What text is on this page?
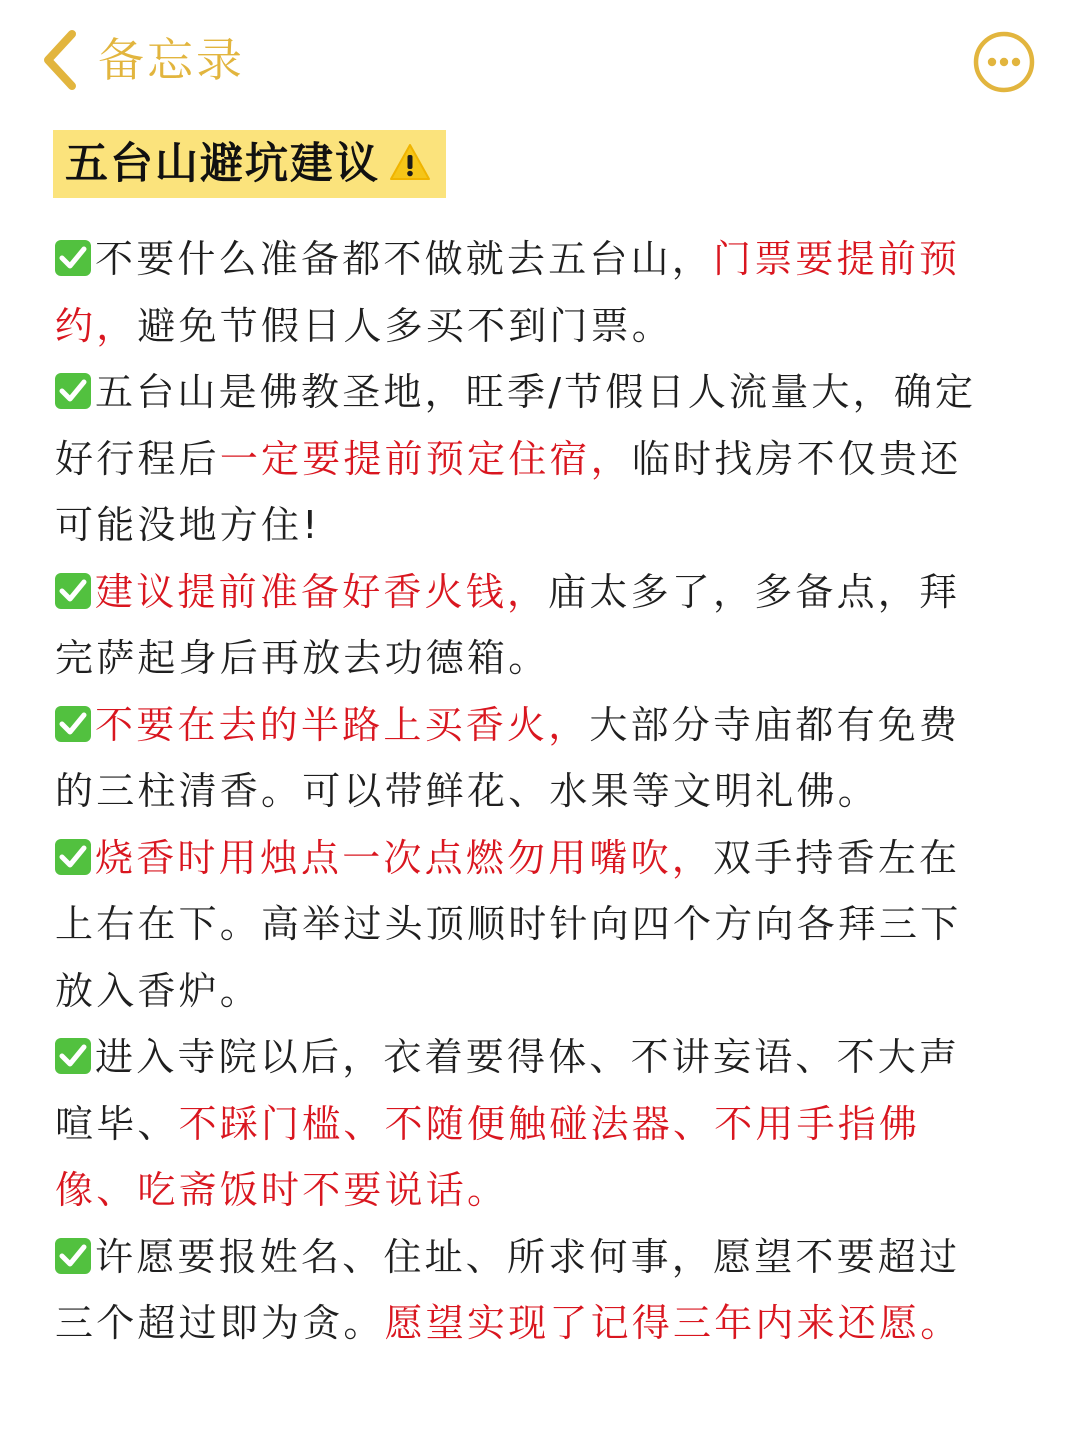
备忘录
五台山避坑建议

不要什么准备都不做就去五台山，门票要提前预约，避免节假日人多买不到门票。

五台山是佛教圣地，旺季/节假日人流量大，确定好行程后一定要提前预定住宿，临时找房不仅贵还可能没地方住!

建议提前准备好香火钱，庙太多了，多备点，拜完萨起身后再放去功德箱。

不要在去的半路上买香火，大部分寺庙都有免费的三柱清香。可以带鲜花、水果等文明礼佛。

烧香时用烛点一次点燃勿用嘴吹，双手持香左在上右在下。高举过头顶顺时针向四个方向各拜三下放入香炉。

进入寺院以后，衣着要得体、不讲妄语、不大声喧毕、不踩门槛、不随便触碰法器、不用手指佛像、吃斋饭时不要说话。

许愿要报姓名、住址、所求何事，愿望不要超过三个超过即为贪。愿望实现了记得三年内来还愿。
